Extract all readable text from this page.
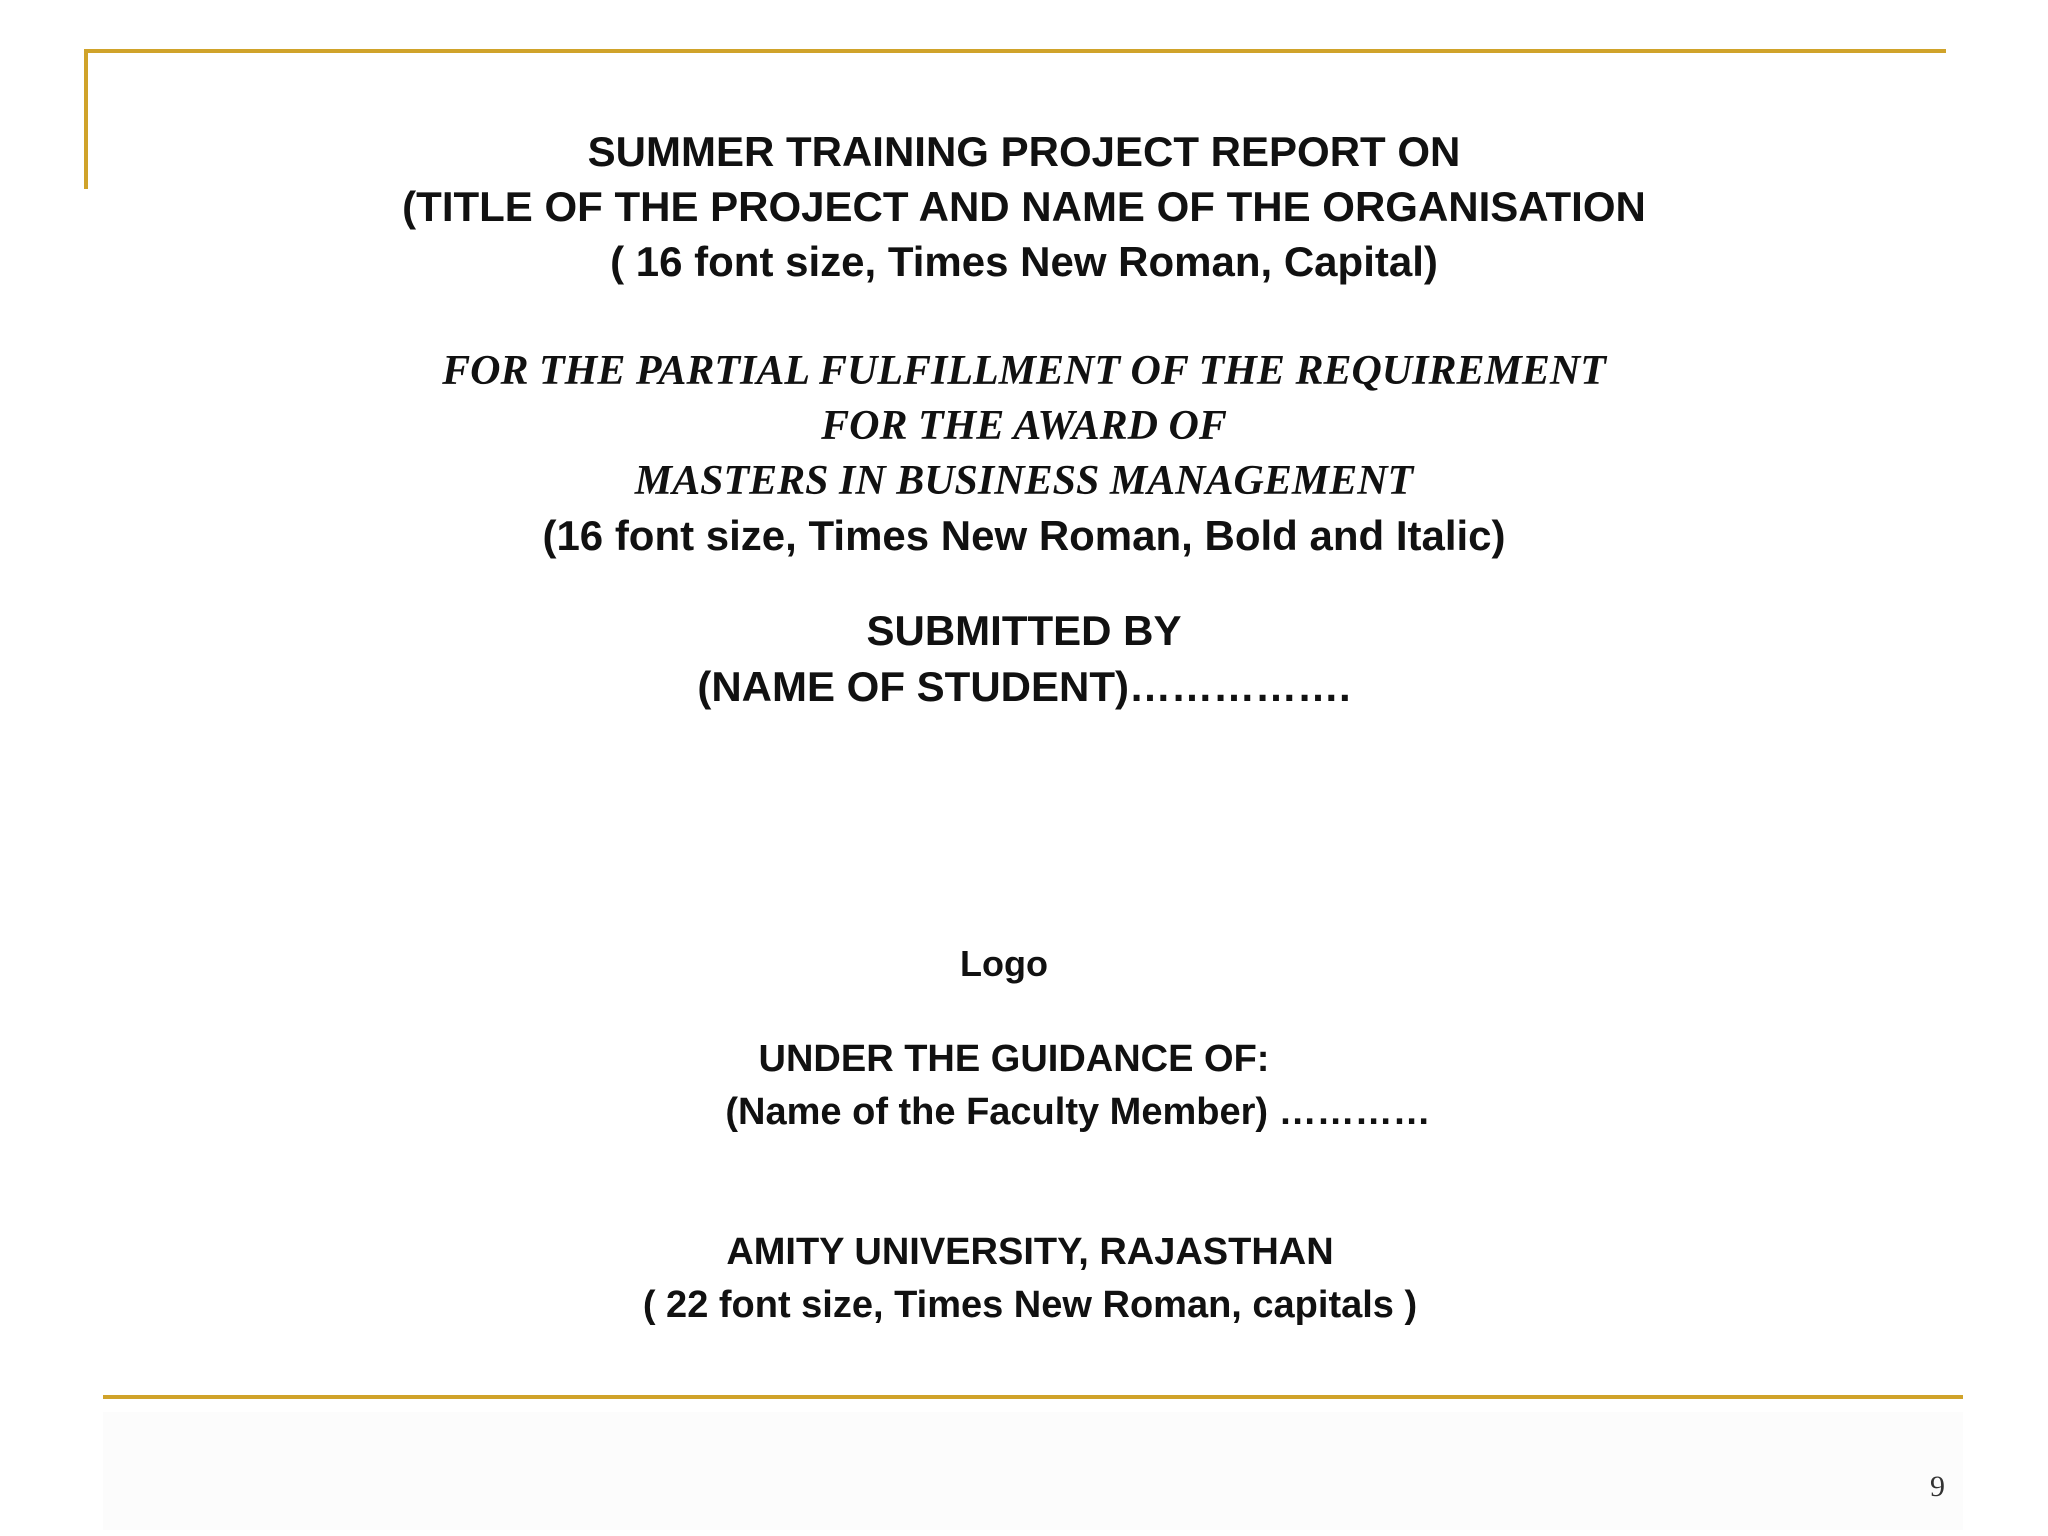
SUMMER TRAINING PROJECT REPORT ON
(TITLE OF THE PROJECT AND NAME OF THE ORGANISATION
( 16 font size, Times New Roman, Capital)
FOR THE PARTIAL FULFILLMENT OF THE REQUIREMENT
FOR THE AWARD OF
MASTERS IN BUSINESS MANAGEMENT
(16 font size, Times New Roman, Bold and Italic)
SUBMITTED BY
(NAME OF STUDENT)…………….
Logo
UNDER THE GUIDANCE OF:
(Name of the Faculty Member) …………
AMITY UNIVERSITY, RAJASTHAN
( 22 font size, Times New Roman, capitals )
9
